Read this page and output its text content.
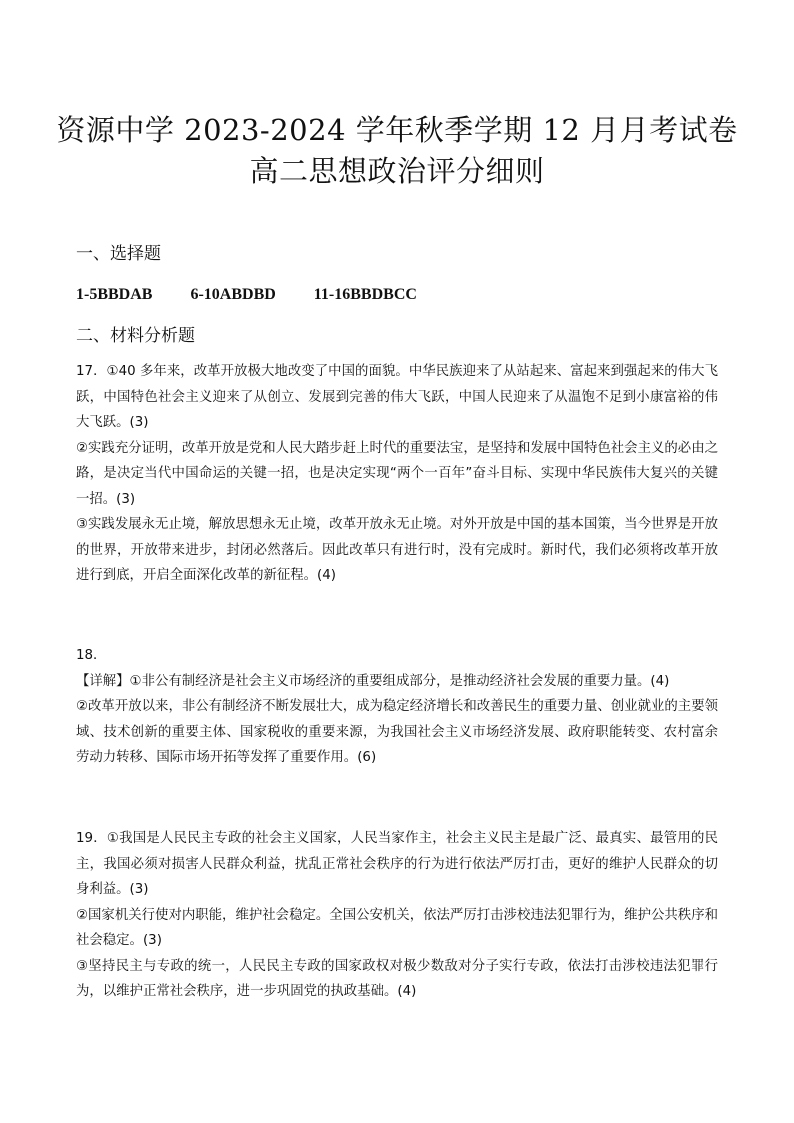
资源中学 2023-2024 学年秋季学期 12 月月考试卷
高二思想政治评分细则
一、选择题
1-5BBDAB 6-10ABDBD 11-16BBDBCC
二、材料分析题

17．①40 多年来，改革开放极大地改变了中国的面貌。中华民族迎来了从站起来、富起来到强起来的伟大飞跃，中国特色社会主义迎来了从创立、发展到完善的伟大飞跃，中国人民迎来了从温饱不足到小康富裕的伟大飞跃。(3)

②实践充分证明，改革开放是党和人民大踏步赶上时代的重要法宝，是坚持和发展中国特色社会主义的必由之路，是决定当代中国命运的关键一招，也是决定实现“两个一百年”奋斗目标、实现中华民族伟大复兴的关键一招。(3)

③实践发展永无止境，解放思想永无止境，改革开放永无止境。对外开放是中国的基本国策，当今世界是开放的世界，开放带来进步，封闭必然落后。因此改革只有进行时，没有完成时。新时代，我们必须将改革开放进行到底，开启全面深化改革的新征程。(4)

18．

【详解】①非公有制经济是社会主义市场经济的重要组成部分，是推动经济社会发展的重要力量。(4)

②改革开放以来，非公有制经济不断发展壮大，成为稳定经济增长和改善民生的重要力量、创业就业的主要领域、技术创新的重要主体、国家税收的重要来源，为我国社会主义市场经济发展、政府职能转变、农村富余劳动力转移、国际市场开拓等发挥了重要作用。(6)

19．①我国是人民民主专政的社会主义国家，人民当家作主，社会主义民主是最广泛、最真实、最管用的民主，我国必须对损害人民群众利益，扰乱正常社会秩序的行为进行依法严厉打击，更好的维护人民群众的切身利益。(3)

②国家机关行使对内职能，维护社会稳定。全国公安机关，依法严厉打击涉校违法犯罪行为，维护公共秩序和社会稳定。(3)

③坚持民主与专政的统一，人民民主专政的国家政权对极少数敌对分子实行专政，依法打击涉校违法犯罪行为，以维护正常社会秩序，进一步巩固党的执政基础。(4)
